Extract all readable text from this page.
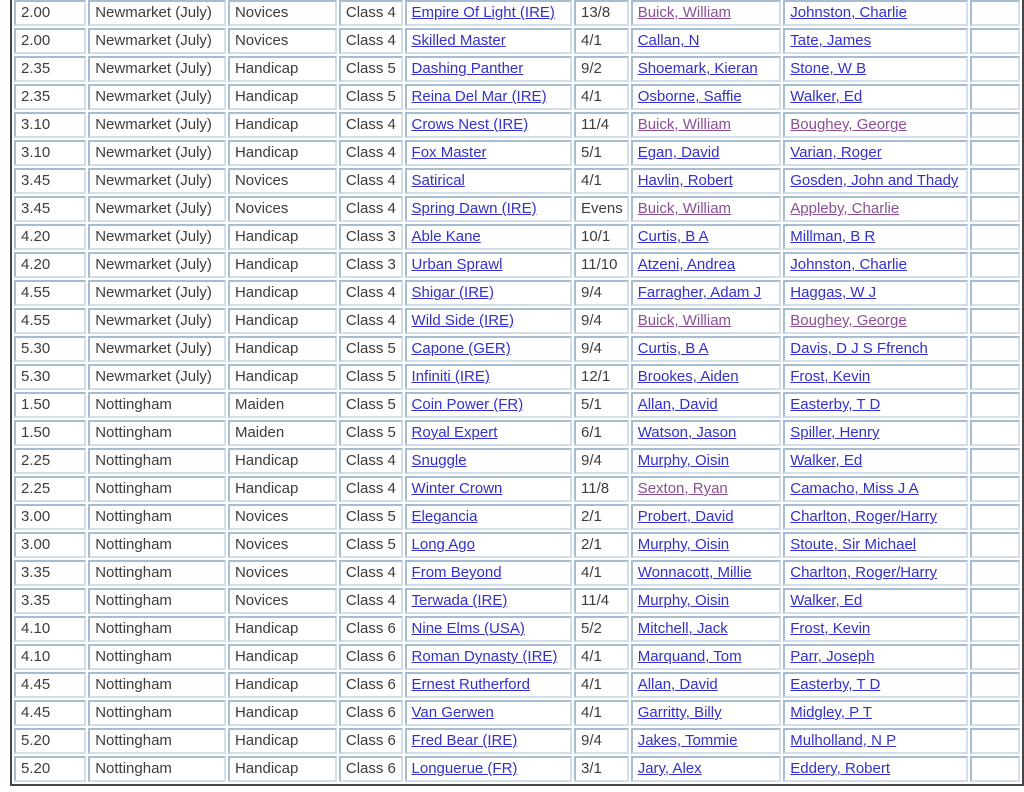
2.00	Newmarket (July)	Novices	Class 4	Empire Of Light (IRE)	13/8	Buick, William	Johnston, Charlie	
2.00	Newmarket (July)	Novices	Class 4	Skilled Master	4/1	Callan, N	Tate, James	
2.35	Newmarket (July)	Handicap	Class 5	Dashing Panther	9/2	Shoemark, Kieran	Stone, W B	
2.35	Newmarket (July)	Handicap	Class 5	Reina Del Mar (IRE)	4/1	Osborne, Saffie	Walker, Ed	
3.10	Newmarket (July)	Handicap	Class 4	Crows Nest (IRE)	11/4	Buick, William	Boughey, George	
3.10	Newmarket (July)	Handicap	Class 4	Fox Master	5/1	Egan, David	Varian, Roger	
3.45	Newmarket (July)	Novices	Class 4	Satirical	4/1	Havlin, Robert	Gosden, John and Thady	
3.45	Newmarket (July)	Novices	Class 4	Spring Dawn (IRE)	Evens	Buick, William	Appleby, Charlie	
4.20	Newmarket (July)	Handicap	Class 3	Able Kane	10/1	Curtis, B A	Millman, B R	
4.20	Newmarket (July)	Handicap	Class 3	Urban Sprawl	11/10	Atzeni, Andrea	Johnston, Charlie	
4.55	Newmarket (July)	Handicap	Class 4	Shigar (IRE)	9/4	Farragher, Adam J	Haggas, W J	
4.55	Newmarket (July)	Handicap	Class 4	Wild Side (IRE)	9/4	Buick, William	Boughey, George	
5.30	Newmarket (July)	Handicap	Class 5	Capone (GER)	9/4	Curtis, B A	Davis, D J S Ffrench	
5.30	Newmarket (July)	Handicap	Class 5	Infiniti (IRE)	12/1	Brookes, Aiden	Frost, Kevin	
1.50	Nottingham	Maiden	Class 5	Coin Power (FR)	5/1	Allan, David	Easterby, T D	
1.50	Nottingham	Maiden	Class 5	Royal Expert	6/1	Watson, Jason	Spiller, Henry	
2.25	Nottingham	Handicap	Class 4	Snuggle	9/4	Murphy, Oisin	Walker, Ed	
2.25	Nottingham	Handicap	Class 4	Winter Crown	11/8	Sexton, Ryan	Camacho, Miss J A	
3.00	Nottingham	Novices	Class 5	Elegancia	2/1	Probert, David	Charlton, Roger/Harry	
3.00	Nottingham	Novices	Class 5	Long Ago	2/1	Murphy, Oisin	Stoute, Sir Michael	
3.35	Nottingham	Novices	Class 4	From Beyond	4/1	Wonnacott, Millie	Charlton, Roger/Harry	
3.35	Nottingham	Novices	Class 4	Terwada (IRE)	11/4	Murphy, Oisin	Walker, Ed	
4.10	Nottingham	Handicap	Class 6	Nine Elms (USA)	5/2	Mitchell, Jack	Frost, Kevin	
4.10	Nottingham	Handicap	Class 6	Roman Dynasty (IRE)	4/1	Marquand, Tom	Parr, Joseph	
4.45	Nottingham	Handicap	Class 6	Ernest Rutherford	4/1	Allan, David	Easterby, T D	
4.45	Nottingham	Handicap	Class 6	Van Gerwen	4/1	Garritty, Billy	Midgley, P T	
5.20	Nottingham	Handicap	Class 6	Fred Bear (IRE)	9/4	Jakes, Tommie	Mulholland, N P	
5.20	Nottingham	Handicap	Class 6	Longuerue (FR)	3/1	Jary, Alex	Eddery, Robert	
